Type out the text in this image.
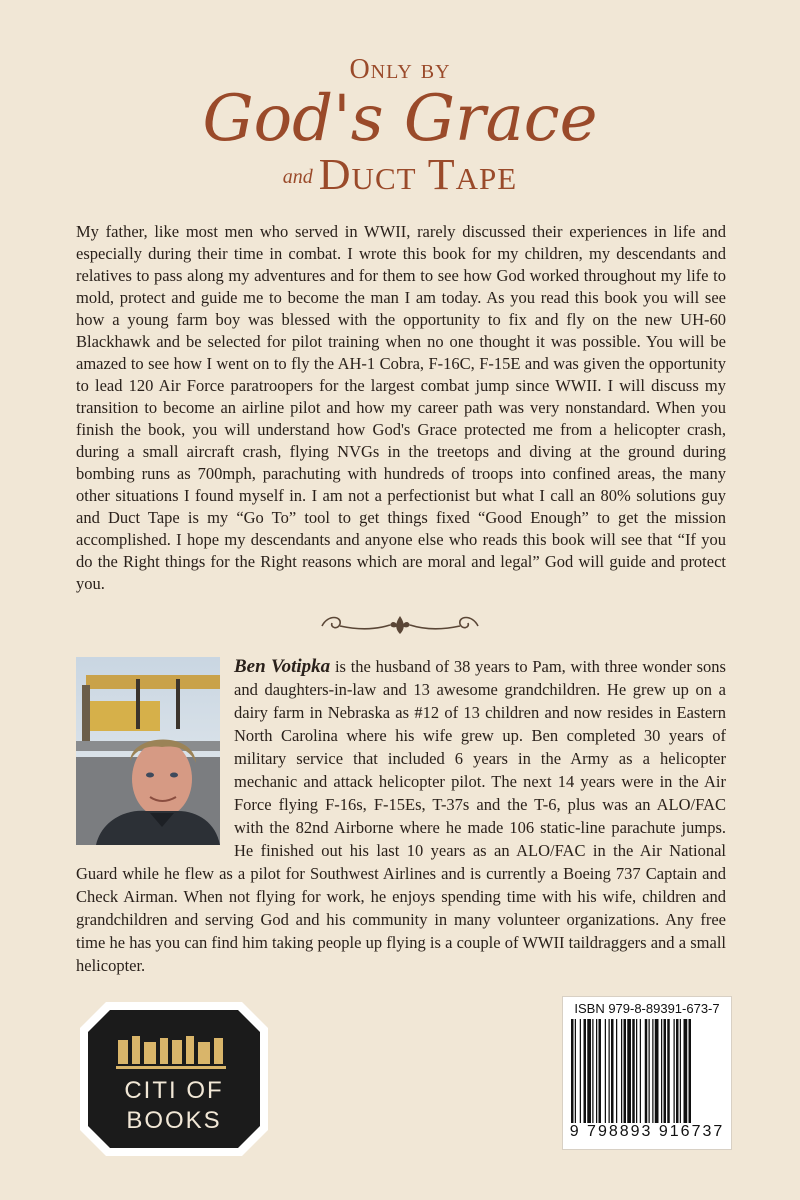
Only by
God's Grace
and Duct Tape

My father, like most men who served in WWII, rarely discussed their experiences in life and especially during their time in combat. I wrote this book for my children, my descendants and relatives to pass along my adventures and for them to see how God worked throughout my life to mold, protect and guide me to become the man I am today. As you read this book you will see how a young farm boy was blessed with the opportunity to fix and fly on the new UH-60 Blackhawk and be selected for pilot training when no one thought it was possible. You will be amazed to see how I went on to fly the AH-1 Cobra, F-16C, F-15E and was given the opportunity to lead 120 Air Force paratroopers for the largest combat jump since WWII. I will discuss my transition to become an airline pilot and how my career path was very nonstandard. When you finish the book, you will understand how God's Grace protected me from a helicopter crash, during a small aircraft crash, flying NVGs in the treetops and diving at the ground during bombing runs as 700mph, parachuting with hundreds of troops into confined areas, the many other situations I found myself in. I am not a perfectionist but what I call an 80% solutions guy and Duct Tape is my “Go To” tool to get things fixed “Good Enough” to get the mission accomplished. I hope my descendants and anyone else who reads this book will see that “If you do the Right things for the Right reasons which are moral and legal” God will guide and protect you.

Ben Votipka is the husband of 38 years to Pam, with three wonder sons and daughters-in-law and 13 awesome grandchildren. He grew up on a dairy farm in Nebraska as #12 of 13 children and now resides in Eastern North Carolina where his wife grew up. Ben completed 30 years of military service that included 6 years in the Army as a helicopter mechanic and attack helicopter pilot. The next 14 years were in the Air Force flying F-16s, F-15Es, T-37s and the T-6, plus was an ALO/FAC with the 82nd Airborne where he made 106 static-line parachute jumps. He finished out his last 10 years as an ALO/FAC in the Air National Guard while he flew as a pilot for Southwest Airlines and is currently a Boeing 737 Captain and Check Airman. When not flying for work, he enjoys spending time with his wife, children and grandchildren and serving God and his community in many volunteer organizations. Any free time he has you can find him taking people up flying is a couple of WWII taildraggers and a small helicopter.

CITI OF
BOOKS
ISBN 979-8-89391-673-7
9 798893 916737
